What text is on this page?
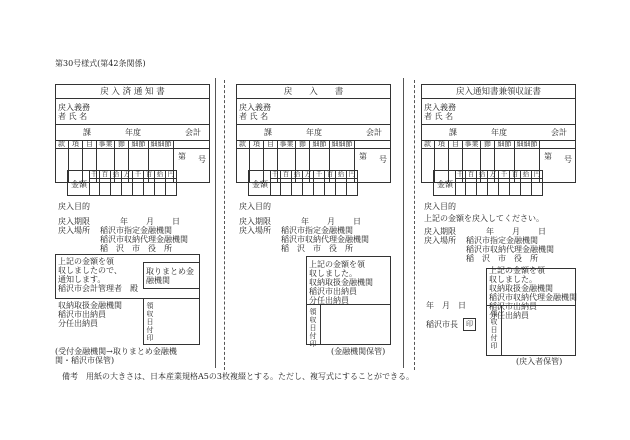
第30号様式(第42条関係)
戻 入 済 通 知 書
戻入義務
者 氏 名
課	年度	会計
款	項	目 事業 節 細節 細細節
第 号
金額
千 百 拾 万 千 百 拾 円
戻入目的
戻入期限	年 月 日
戻入場所 稲沢市指定金融機関
稲沢市収納代理金融機関
稲　沢　市　役　所
上記の金額を領
収しましたので、
通知します。
稲沢市会計管理者　殿
取りまとめ金
融機関
収納取扱金融機関
稲沢市出納員
分任出納員	領収日付印
(受付金融機関→取りまとめ金融機
関・稲沢市保管)
戻　　入　　書
戻入義務
者 氏 名
課	年度	会計
款	項	目 事業 節 細節 細細節
第 号
金額
千 百 拾 万 千 百 拾 円
戻入目的
戻入期限	年 月 日
戻入場所 稲沢市指定金融機関
稲沢市収納代理金融機関
稲　沢　市　役　所
上記の金額を領
収しました。
収納取扱金融機関
稲沢市出納員
分任出納員
領収日付印
(金融機関保管)
戻入通知書兼領収証書
戻入義務
者 氏 名
課	年度	会計
款	項	目 事業 節 細節 細細節
第 号
金額
千 百 拾 万 千 百 拾 円
戻入目的
上記の金額を戻入してください。
戻入期限	年 月 日
戻入場所 稲沢市指定金融機関
稲沢市収納代理金融機関
稲　沢　市　役　所
上記の金額を領
収しました。
収納取扱金融機関
稲沢市収納代理金融機関
稲沢市出納員
分任出納員
領収日付印
年　月　日
稲沢市長	印
(戻入者保管)
備考　用紙の大きさは、日本産業規格A5の3枚複綴とする。ただし、複写式にすることができる。
